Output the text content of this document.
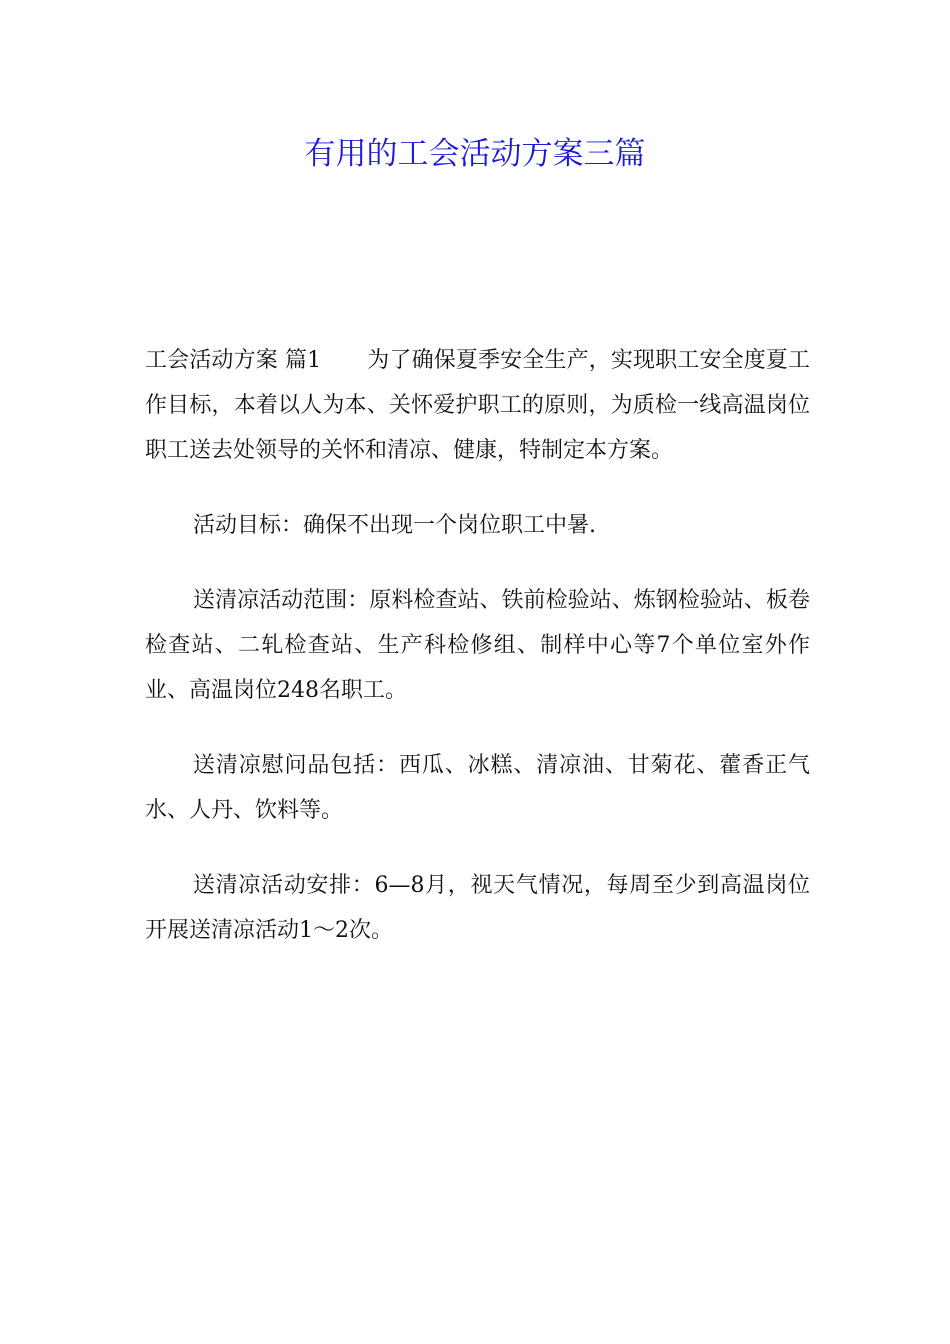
有用的工会活动方案三篇

工会活动方案 篇1 为了确保夏季安全生产，实现职工安全度夏工作目标，本着以人为本、关怀爱护职工的原则，为质检一线高温岗位职工送去处领导的关怀和清凉、健康，特制定本方案。

活动目标：确保不出现一个岗位职工中暑.

送清凉活动范围：原料检查站、铁前检验站、炼钢检验站、板卷检查站、二轧检查站、生产科检修组、制样中心等7个单位室外作业、高温岗位248名职工。

送清凉慰问品包括：西瓜、冰糕、清凉油、甘菊花、藿香正气水、人丹、饮料等。

送清凉活动安排：6—8月，视天气情况，每周至少到高温岗位开展送清凉活动1～2次。
